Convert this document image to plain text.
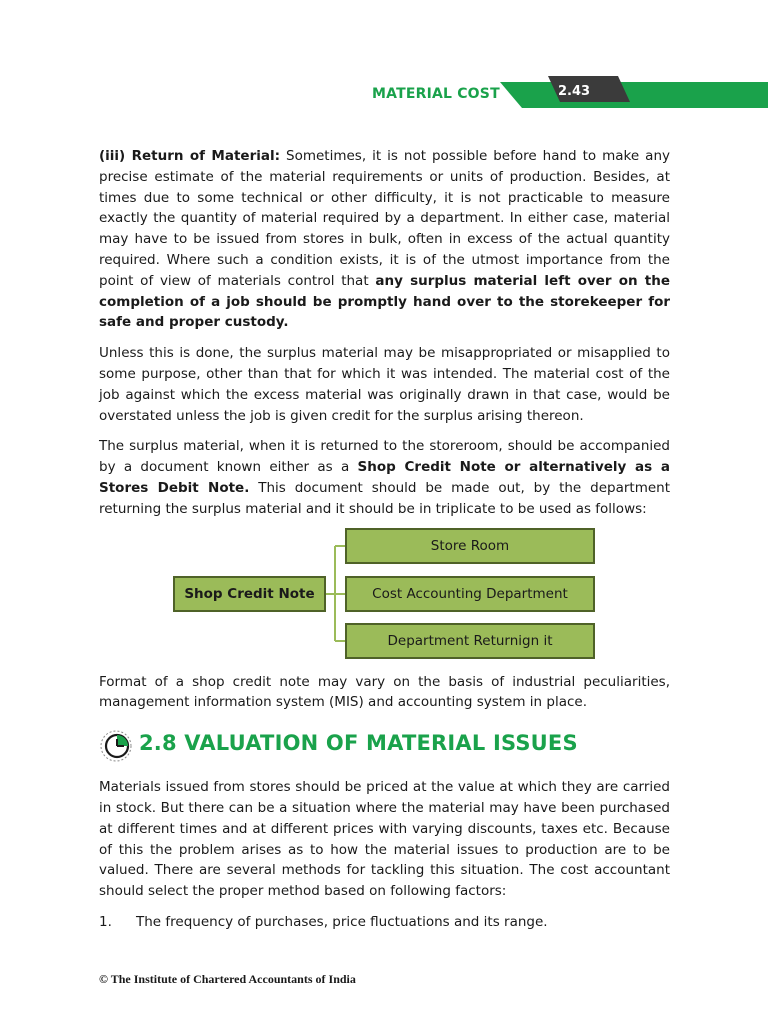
MATERIAL COST	2.43

(iii) Return of Material: Sometimes, it is not possible before hand to make any precise estimate of the material requirements or units of production. Besides, at times due to some technical or other difficulty, it is not practicable to measure exactly the quantity of material required by a department. In either case, material may have to be issued from stores in bulk, often in excess of the actual quantity required. Where such a condition exists, it is of the utmost importance from the point of view of materials control that any surplus material left over on the completion of a job should be promptly hand over to the storekeeper for safe and proper custody.

Unless this is done, the surplus material may be misappropriated or misapplied to some purpose, other than that for which it was intended. The material cost of the job against which the excess material was originally drawn in that case, would be overstated unless the job is given credit for the surplus arising thereon.

The surplus material, when it is returned to the storeroom, should be accompanied by a document known either as a Shop Credit Note or alternatively as a Stores Debit Note. This document should be made out, by the department returning the surplus material and it should be in triplicate to be used as follows:

Shop Credit Note
Store Room
Cost Accounting Department
Department Returnign it

Format of a shop credit note may vary on the basis of industrial peculiarities, management information system (MIS) and accounting system in place.

2.8 VALUATION OF MATERIAL ISSUES

Materials issued from stores should be priced at the value at which they are carried in stock. But there can be a situation where the material may have been purchased at different times and at different prices with varying discounts, taxes etc. Because of this the problem arises as to how the material issues to production are to be valued. There are several methods for tackling this situation. The cost accountant should select the proper method based on following factors:

1.	The frequency of purchases, price fluctuations and its range.
© The Institute of Chartered Accountants of India
